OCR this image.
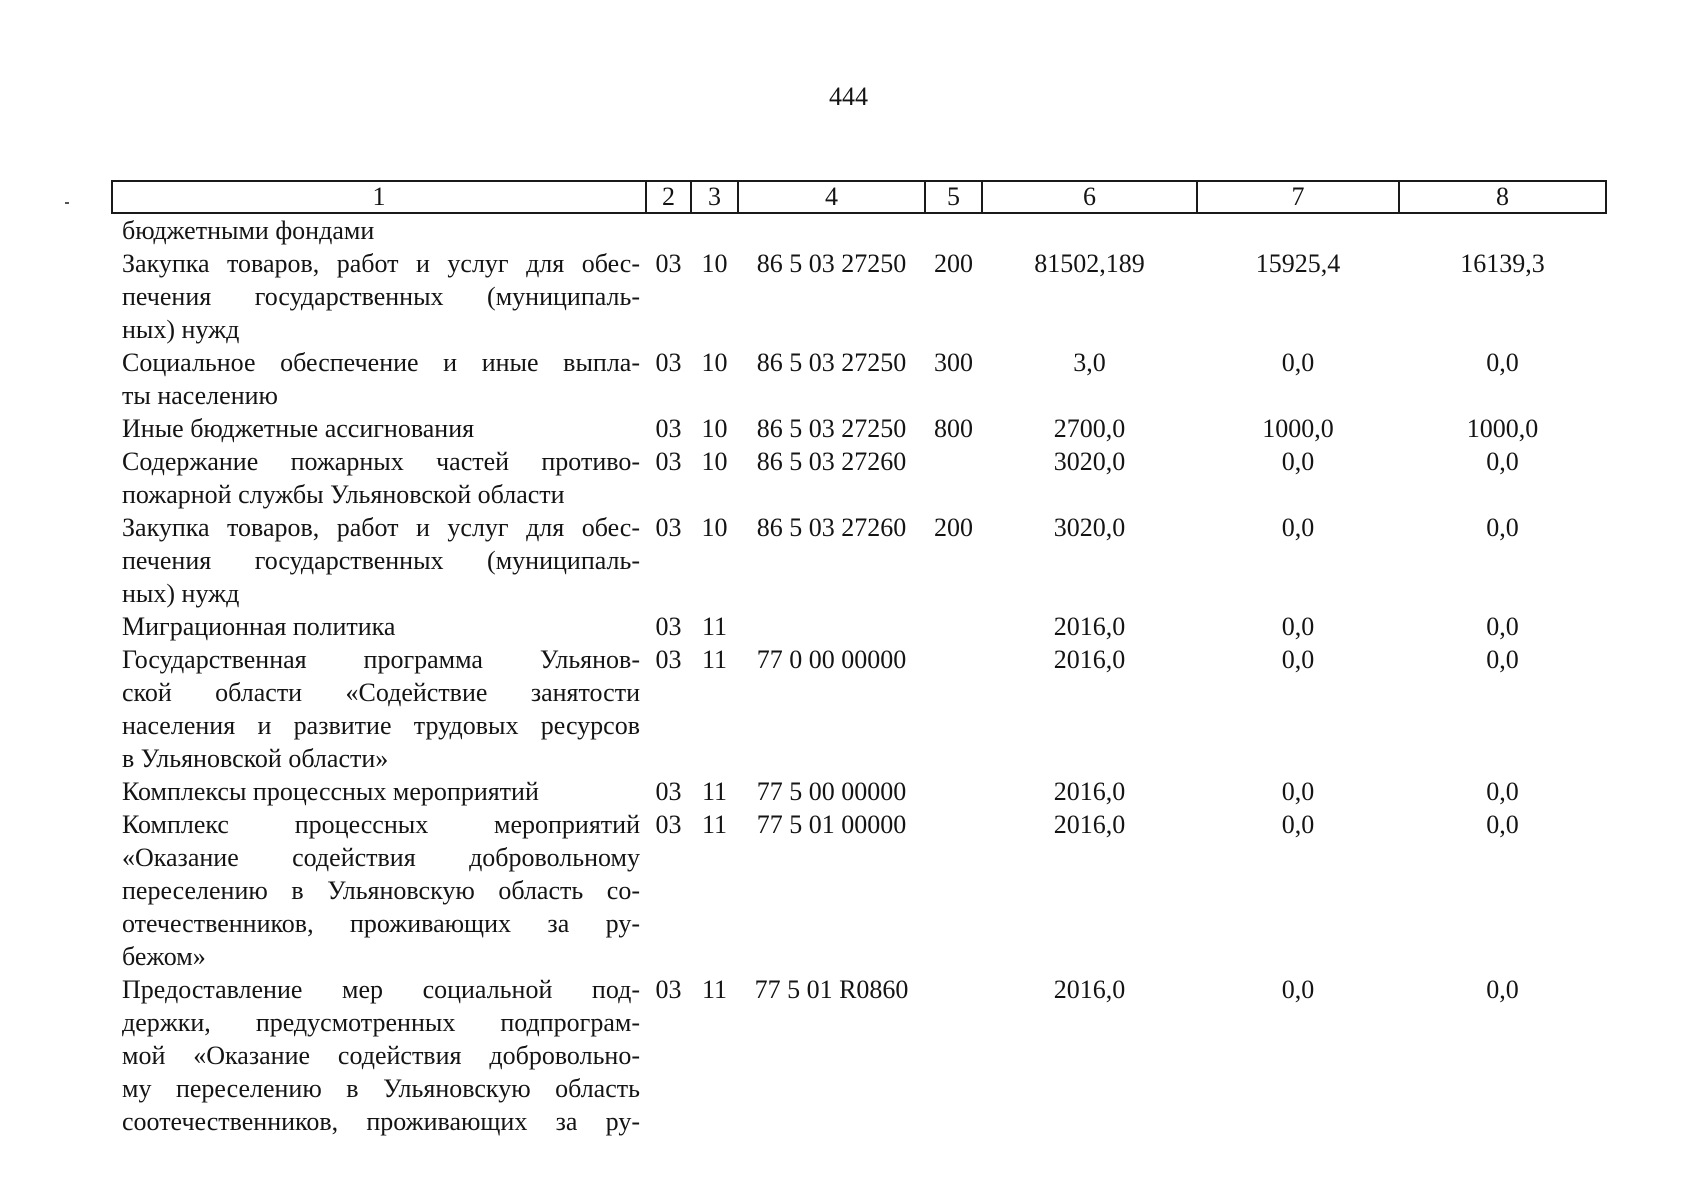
444
1	2	3	4	5	6	7	8

бюджетными фондами							

Закупка товаров, работ и услуг для обес-
печения государственных (муниципаль-
ных) нужд	03	10	86 5 03 27250	200	81502,189	15925,4	16139,3

Социальное обеспечение и иные выпла-
ты населению	03	10	86 5 03 27250	300	3,0	0,0	0,0

Иные бюджетные ассигнования	03	10	86 5 03 27250	800	2700,0	1000,0	1000,0

Содержание пожарных частей противо-
пожарной службы Ульяновской области	03	10	86 5 03 27260		3020,0	0,0	0,0

Закупка товаров, работ и услуг для обес-
печения государственных (муниципаль-
ных) нужд	03	10	86 5 03 27260	200	3020,0	0,0	0,0

Миграционная политика	03	11			2016,0	0,0	0,0

Государственная программа Ульянов-
ской области «Содействие занятости
населения и развитие трудовых ресурсов
в Ульяновской области»	03	11	77 0 00 00000		2016,0	0,0	0,0

Комплексы процессных мероприятий	03	11	77 5 00 00000		2016,0	0,0	0,0

Комплекс процессных мероприятий
«Оказание содействия добровольному
переселению в Ульяновскую область со-
отечественников, проживающих за ру-
бежом»	03	11	77 5 01 00000		2016,0	0,0	0,0

Предоставление мер социальной под-
держки, предусмотренных подпрограм-
мой «Оказание содействия добровольно-
му переселению в Ульяновскую область
соотечественников, проживающих за ру-	03	11	77 5 01 R0860		2016,0	0,0	0,0
